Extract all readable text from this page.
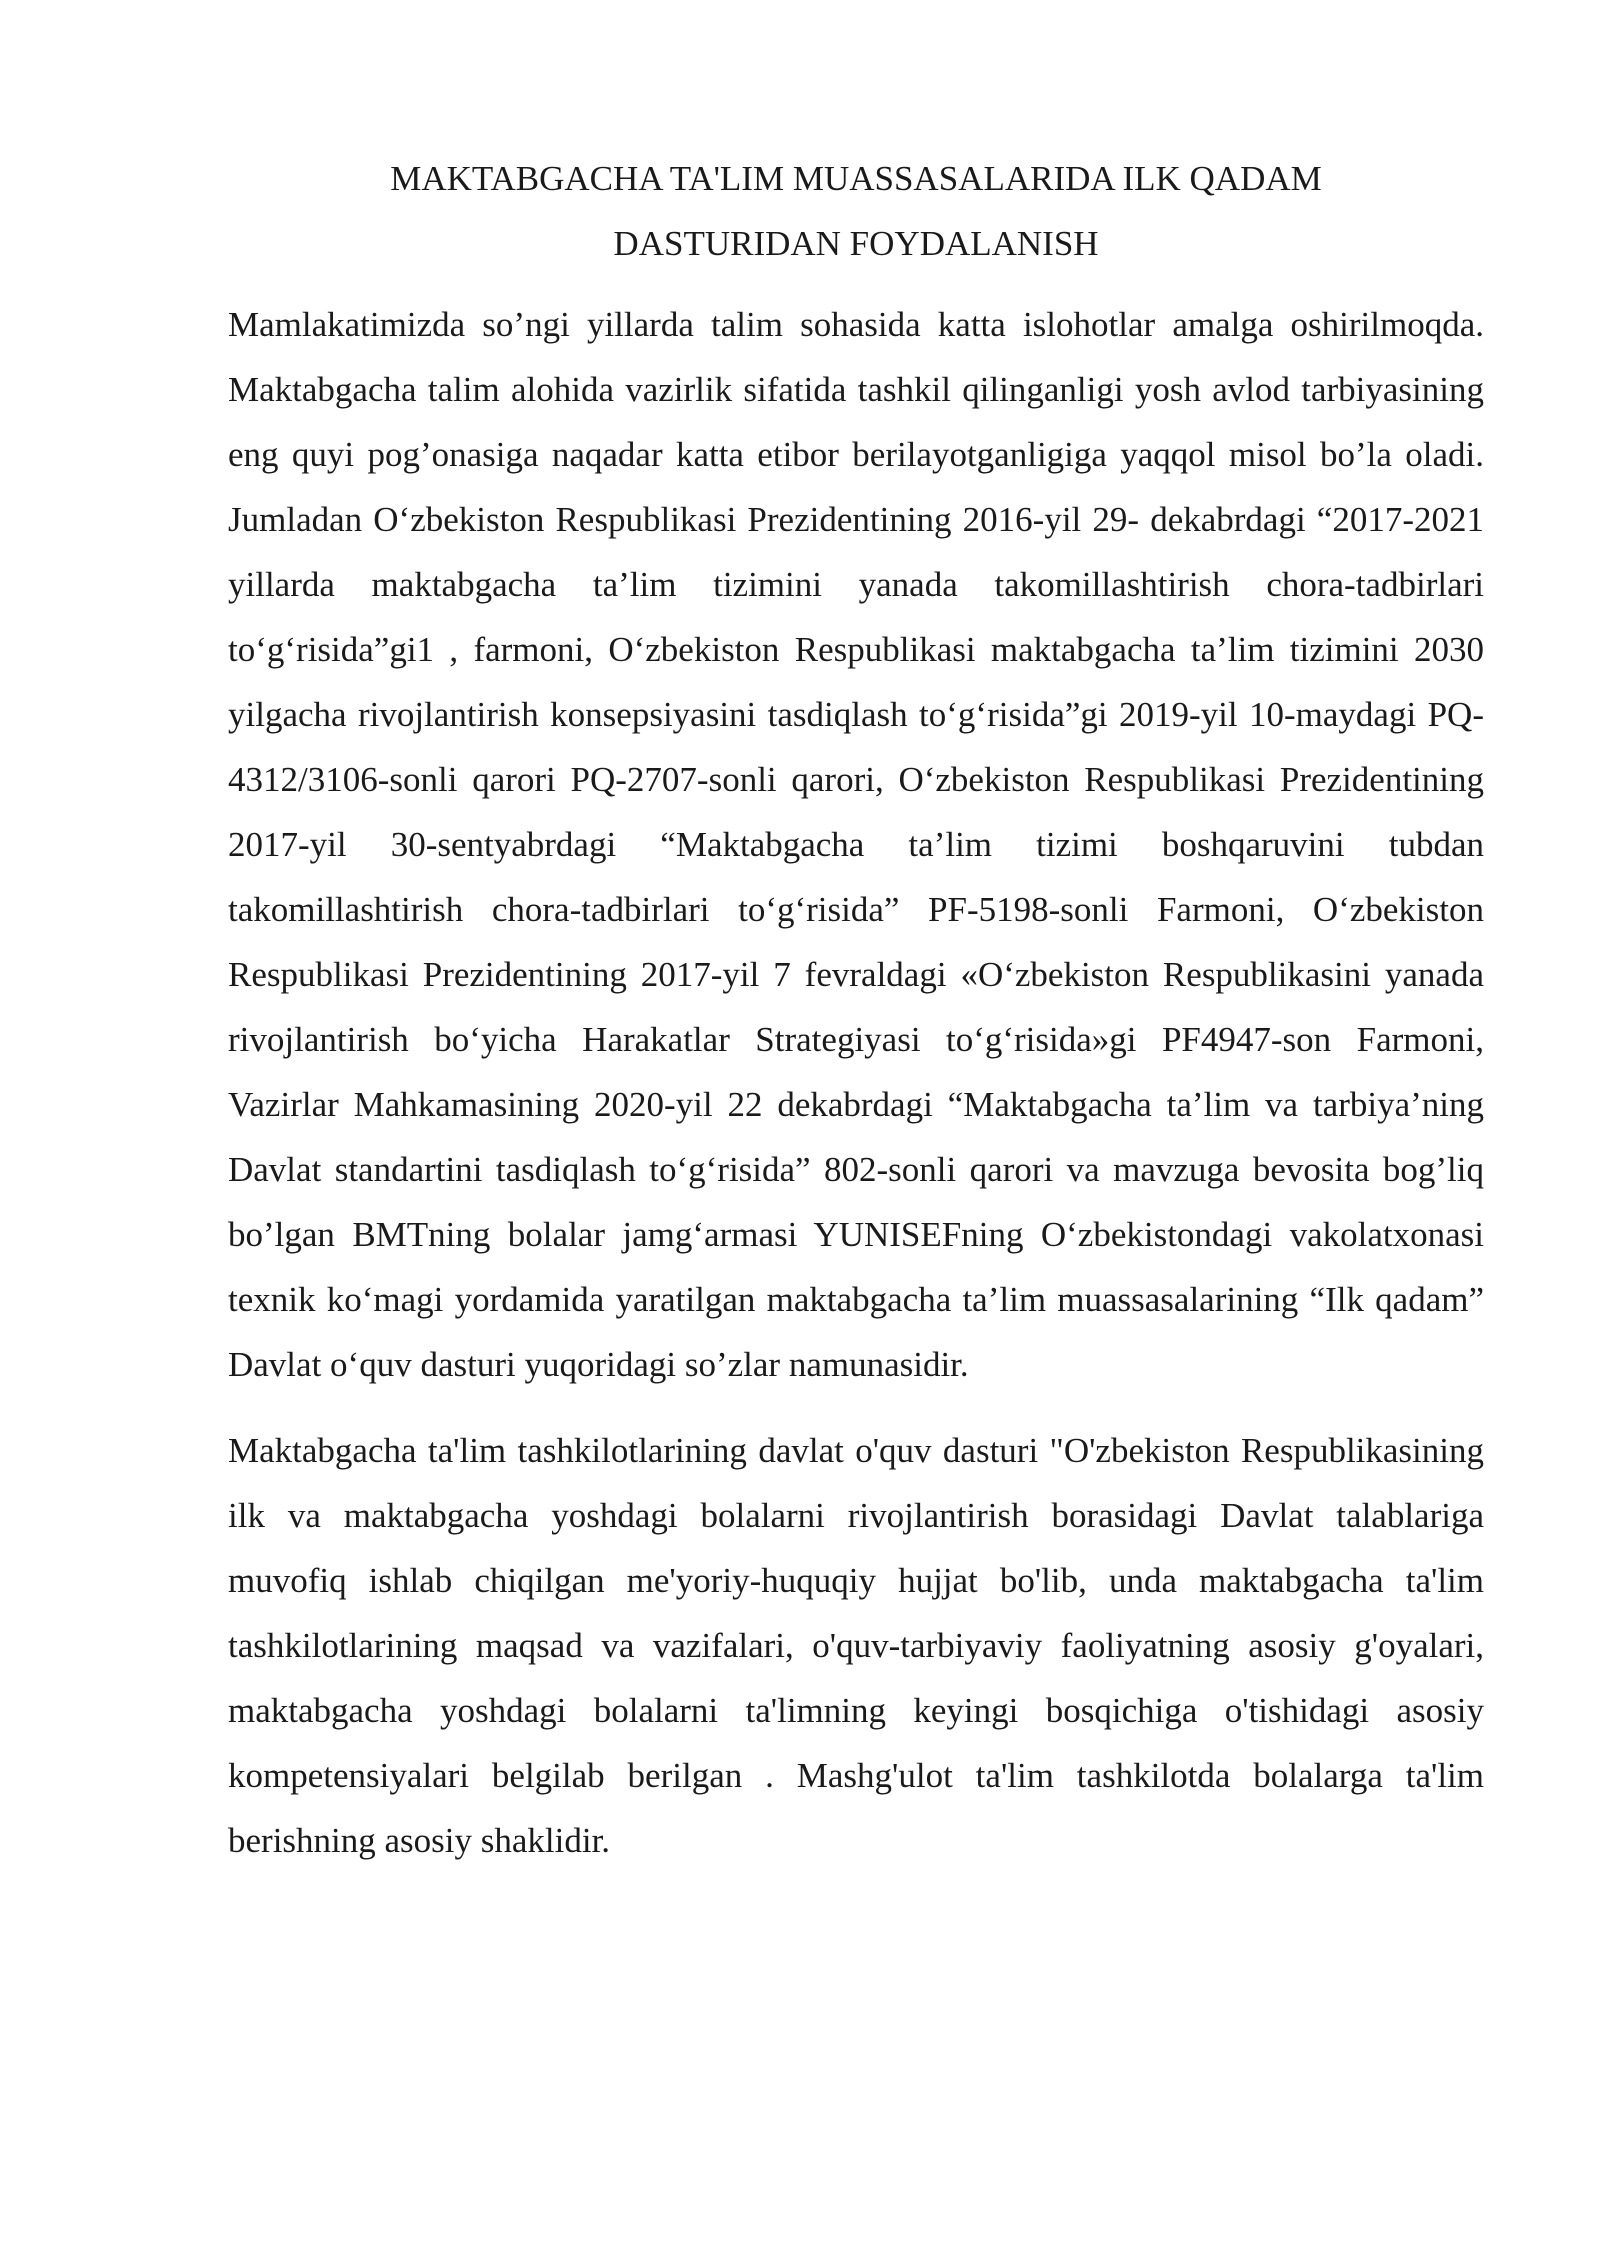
MAKTABGACHA TA'LIM MUASSASALARIDA ILK QADAM
DASTURIDAN FOYDALANISH

Mamlakatimizda so’ngi yillarda talim sohasida katta islohotlar amalga oshirilmoqda. Maktabgacha talim alohida vazirlik sifatida tashkil qilinganligi yosh avlod tarbiyasining eng quyi pog’onasiga naqadar katta etibor berilayotganligiga yaqqol misol bo’la oladi. Jumladan O‘zbekiston Respublikasi Prezidentining 2016-yil 29- dekabrdagi “2017-2021 yillarda maktabgacha ta’lim tizimini yanada takomillashtirish chora-tadbirlari to‘g‘risida”gi1 , farmoni, O‘zbekiston Respublikasi maktabgacha ta’lim tizimini 2030 yilgacha rivojlantirish konsepsiyasini tasdiqlash to‘g‘risida”gi 2019-yil 10-maydagi PQ-4312/3106-sonli qarori PQ-2707-sonli qarori, O‘zbekiston Respublikasi Prezidentining 2017-yil 30-sentyabrdagi “Maktabgacha ta’lim tizimi boshqaruvini tubdan takomillashtirish chora-tadbirlari to‘g‘risida” PF-5198-sonli Farmoni, O‘zbekiston Respublikasi Prezidentining 2017-yil 7 fevraldagi «O‘zbekiston Respublikasini yanada rivojlantirish bo‘yicha Harakatlar Strategiyasi to‘g‘risida»gi PF4947-son Farmoni, Vazirlar Mahkamasining 2020-yil 22 dekabrdagi “Maktabgacha ta’lim va tarbiya’ning Davlat standartini tasdiqlash to‘g‘risida” 802-sonli qarori va mavzuga bevosita bog’liq bo’lgan BMTning bolalar jamg‘armasi YUNISEFning O‘zbekistondagi vakolatxonasi texnik ko‘magi yordamida yaratilgan maktabgacha ta’lim muassasalarining “Ilk qadam” Davlat o‘quv dasturi yuqoridagi so’zlar namunasidir.

Maktabgacha ta'lim tashkilotlarining davlat o'quv dasturi "O'zbekiston Respublikasining ilk va maktabgacha yoshdagi bolalarni rivojlantirish borasidagi Davlat talablariga muvofiq ishlab chiqilgan me'yoriy-huquqiy hujjat bo'lib, unda maktabgacha ta'lim tashkilotlarining maqsad va vazifalari, o'quv-tarbiyaviy faoliyatning asosiy g'oyalari, maktabgacha yoshdagi bolalarni ta'limning keyingi bosqichiga o'tishidagi asosiy kompetensiyalari belgilab berilgan . Mashg'ulot ta'lim tashkilotda bolalarga ta'lim berishning asosiy shaklidir.
